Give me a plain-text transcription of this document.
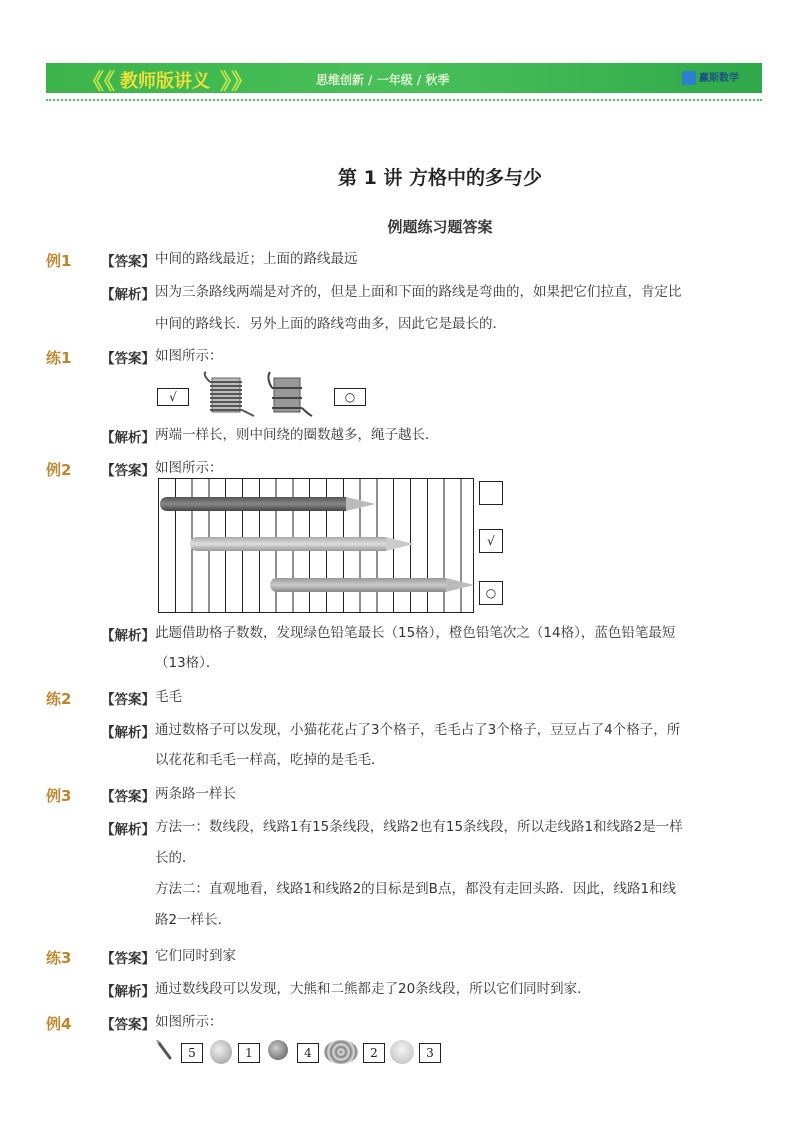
《《 教师版讲义 》》	思维创新 / 一年级 / 秋季	赢斯数学
第 1 讲 方格中的多与少
例题练习题答案
例1 【答案】 中间的路线最近；上面的路线最远
【解析】 因为三条路线两端是对齐的，但是上面和下面的路线是弯曲的，如果把它们拉直，肯定比
中间的路线长．另外上面的路线弯曲多，因此它是最长的．
练1 【答案】 如图所示：
√	○
【解析】 两端一样长，则中间绕的圈数越多，绳子越长．
例2 【答案】 如图所示：
√
○
【解析】 此题借助格子数数，发现绿色铅笔最长（15格），橙色铅笔次之（14格），蓝色铅笔最短
（13格）．
练2 【答案】 毛毛
【解析】 通过数格子可以发现，小猫花花占了3个格子，毛毛占了3个格子，豆豆占了4个格子，所
以花花和毛毛一样高，吃掉的是毛毛．
例3 【答案】 两条路一样长
【解析】 方法一：数线段，线路1有15条线段，线路2也有15条线段，所以走线路1和线路2是一样
长的．
方法二：直观地看，线路1和线路2的目标是到B点，都没有走回头路．因此，线路1和线
路2一样长．
练3 【答案】 它们同时到家
【解析】 通过数线段可以发现，大熊和二熊都走了20条线段，所以它们同时到家．
例4 【答案】 如图所示：
5	1	4	2	3
